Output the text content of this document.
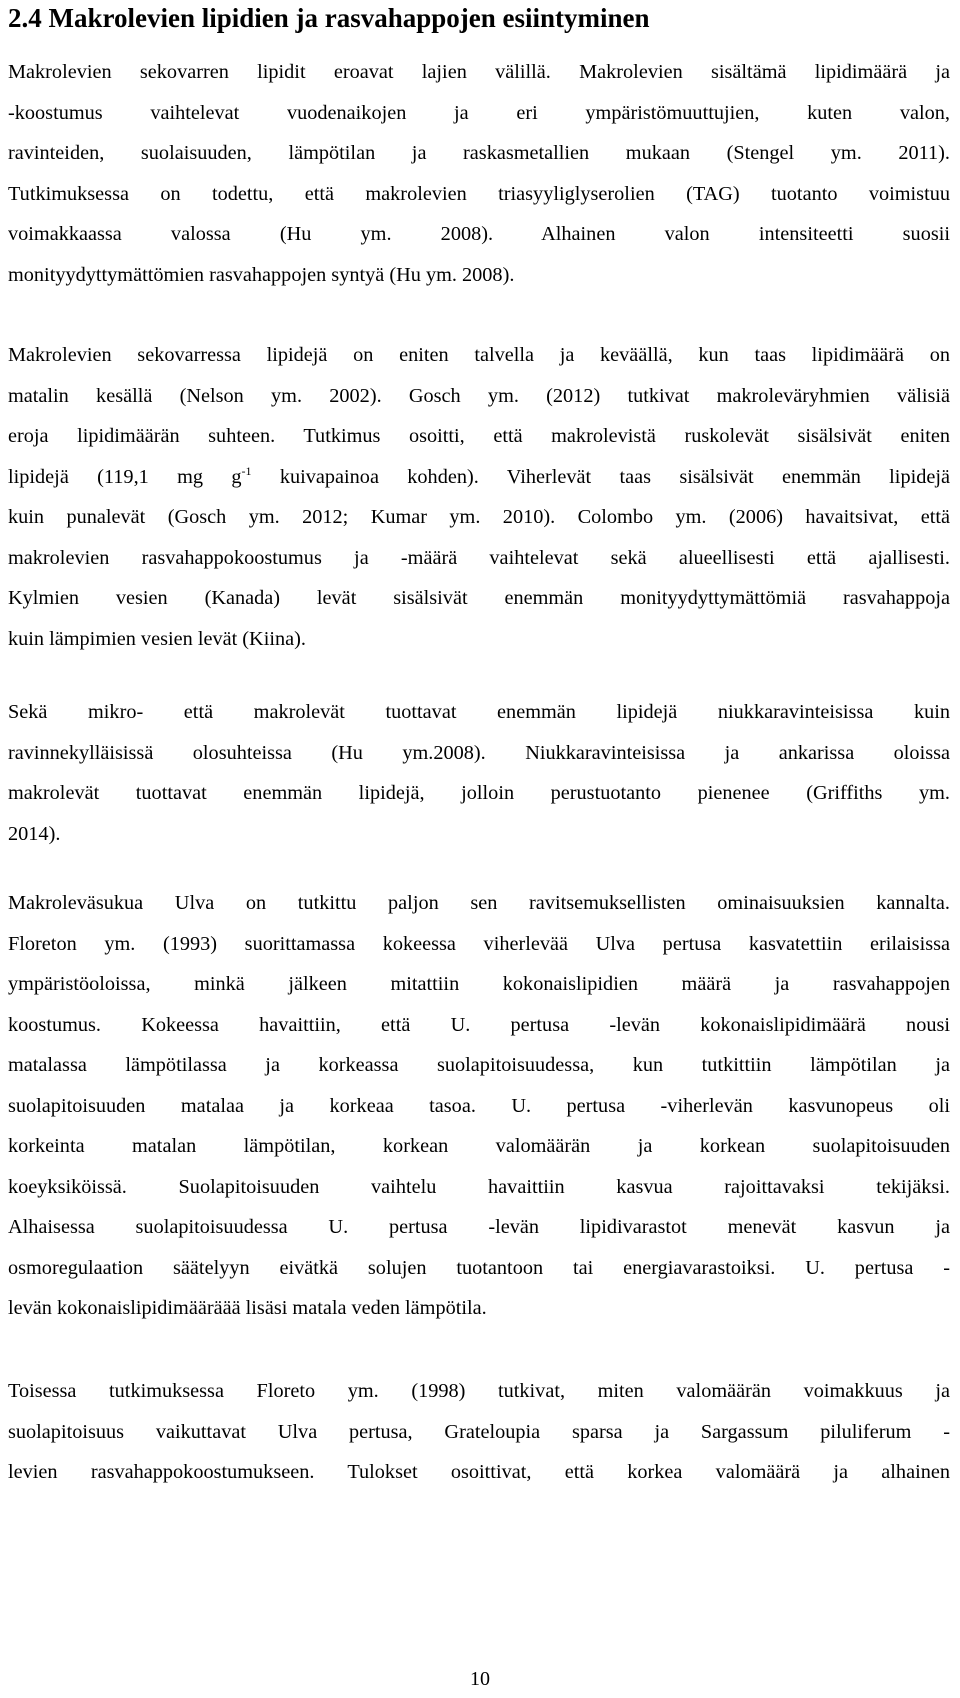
2.4 Makrolevien lipidien ja rasvahappojen esiintyminen

Makrolevien sekovarren lipidit eroavat lajien välillä. Makrolevien sisältämä lipidimäärä ja
-koostumus vaihtelevat vuodenaikojen ja eri ympäristömuuttujien, kuten valon,
ravinteiden, suolaisuuden, lämpötilan ja raskasmetallien mukaan (Stengel ym. 2011).
Tutkimuksessa on todettu, että makrolevien triasyyliglyserolien (TAG) tuotanto voimistuu
voimakkaassa valossa (Hu ym. 2008). Alhainen valon intensiteetti suosii
monityydyttymättömien rasvahappojen syntyä (Hu ym. 2008).

Makrolevien sekovarressa lipidejä on eniten talvella ja keväällä, kun taas lipidimäärä on
matalin kesällä (Nelson ym. 2002). Gosch ym. (2012) tutkivat makroleväryhmien välisiä
eroja lipidimäärän suhteen. Tutkimus osoitti, että makrolevistä ruskolevät sisälsivät eniten
lipidejä (119,1 mg $g^{-1}$ kuivapainoa kohden). Viherlevät taas sisälsivät enemmän lipidejä
kuin punalevät (Gosch ym. 2012; Kumar ym. 2010). Colombo ym. (2006) havaitsivat, että
makrolevien rasvahappokoostumus ja -määrä vaihtelevat sekä alueellisesti että ajallisesti.
Kylmien vesien (Kanada) levät sisälsivät enemmän monityydyttymättömiä rasvahappoja
kuin lämpimien vesien levät (Kiina).

Sekä mikro- että makrolevät tuottavat enemmän lipidejä niukkaravinteisissa kuin
ravinnekylläisissä olosuhteissa (Hu ym.2008). Niukkaravinteisissa ja ankarissa oloissa
makrolevät tuottavat enemmän lipidejä, jolloin perustuotanto pienenee (Griffiths ym.
2014).

Makroleväsukua Ulva on tutkittu paljon sen ravitsemuksellisten ominaisuuksien kannalta.
Floreton ym. (1993) suorittamassa kokeessa viherlevää Ulva pertusa kasvatettiin erilaisissa
ympäristöoloissa, minkä jälkeen mitattiin kokonaislipidien määrä ja rasvahappojen
koostumus. Kokeessa havaittiin, että U. pertusa -levän kokonaislipidimäärä nousi
matalassa lämpötilassa ja korkeassa suolapitoisuudessa, kun tutkittiin lämpötilan ja
suolapitoisuuden matalaa ja korkeaa tasoa. U. pertusa -viherlevän kasvunopeus oli
korkeinta matalan lämpötilan, korkean valomäärän ja korkean suolapitoisuuden
koeyksiköissä. Suolapitoisuuden vaihtelu havaittiin kasvua rajoittavaksi tekijäksi.
Alhaisessa suolapitoisuudessa U. pertusa -levän lipidivarastot menevät kasvun ja
osmoregulaation säätelyyn eivätkä solujen tuotantoon tai energiavarastoiksi. U. pertusa -
levän kokonaislipidimääräää lisäsi matala veden lämpötila.

Toisessa tutkimuksessa Floreto ym. (1998) tutkivat, miten valomäärän voimakkuus ja
suolapitoisuus vaikuttavat Ulva pertusa, Grateloupia sparsa ja Sargassum piluliferum -
levien rasvahappokoostumukseen. Tulokset osoittivat, että korkea valomäärä ja alhainen

10
